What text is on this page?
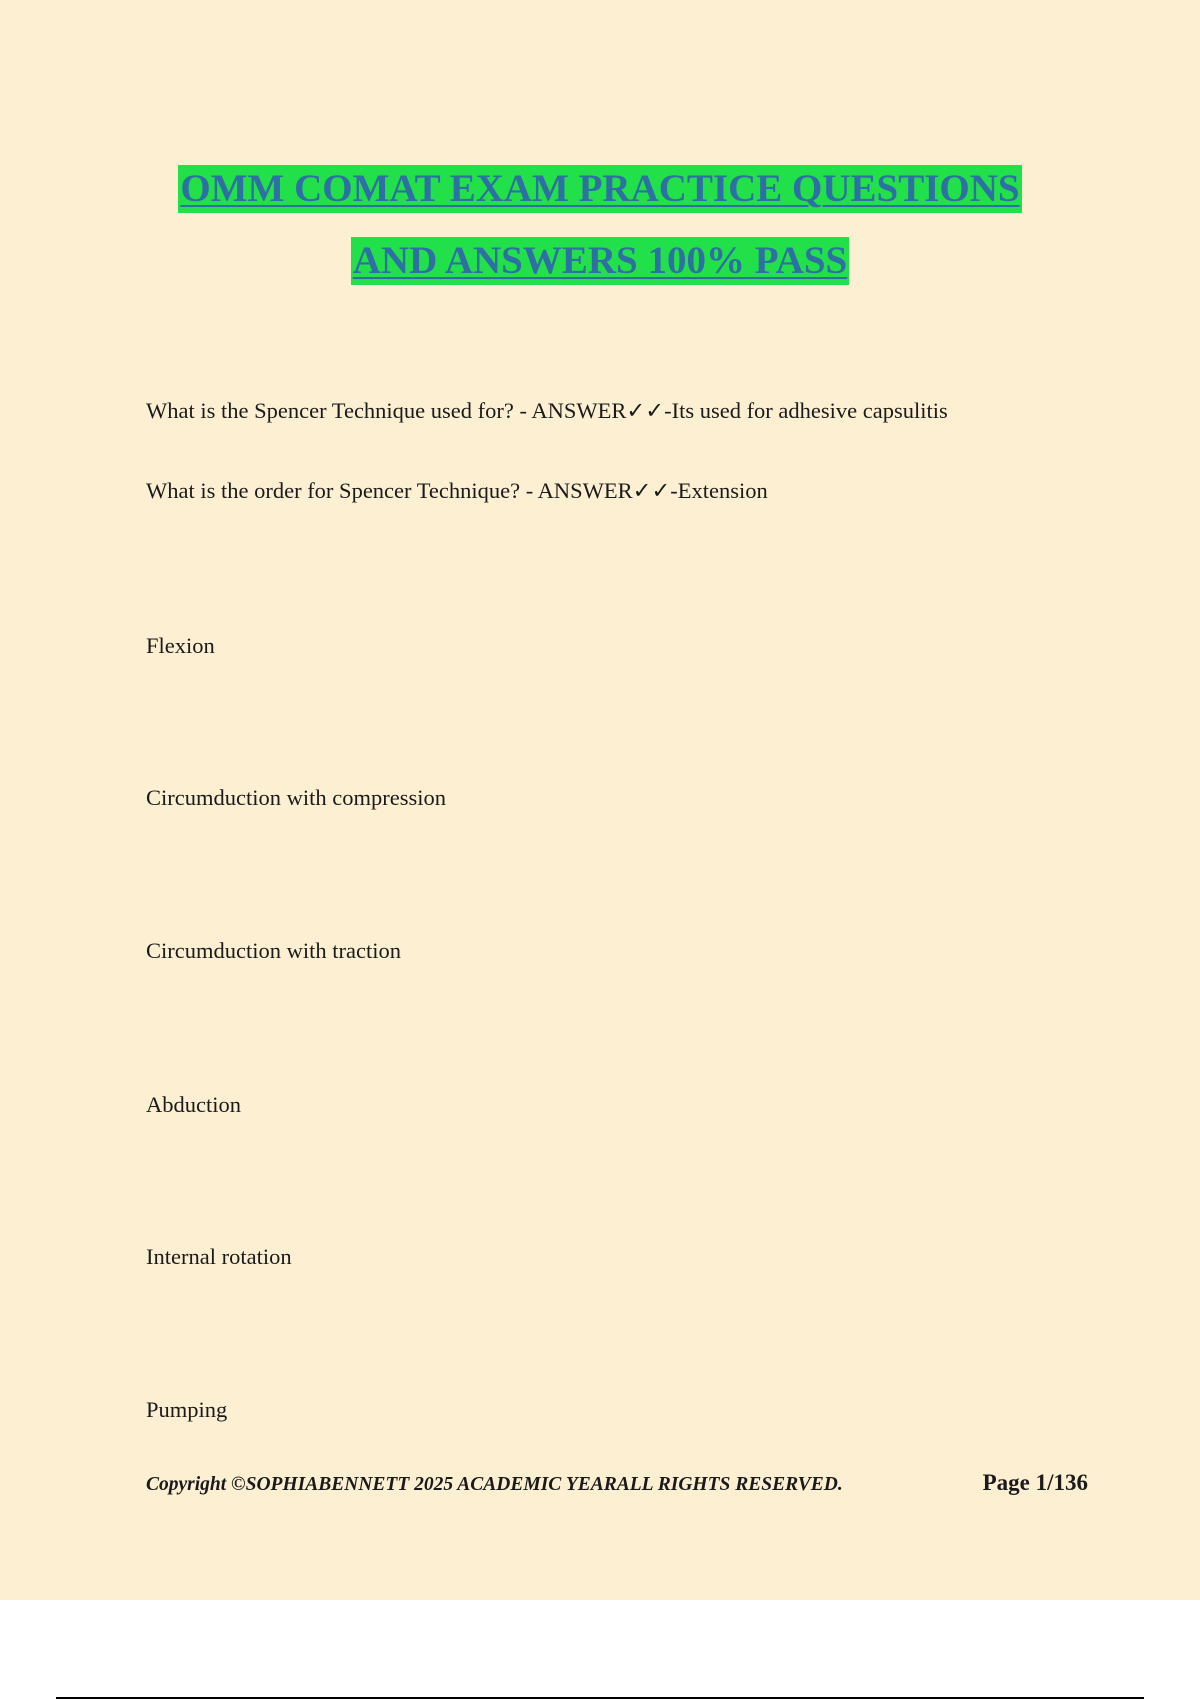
OMM COMAT EXAM PRACTICE QUESTIONS
AND ANSWERS 100% PASS
What is the Spencer Technique used for? - ANSWER✓✓-Its used for adhesive capsulitis
What is the order for Spencer Technique? - ANSWER✓✓-Extension
Flexion
Circumduction with compression
Circumduction with traction
Abduction
Internal rotation
Pumping
Copyright ©SOPHIABENNETT 2025 ACADEMIC YEARALL RIGHTS RESERVED.	Page 1/136
